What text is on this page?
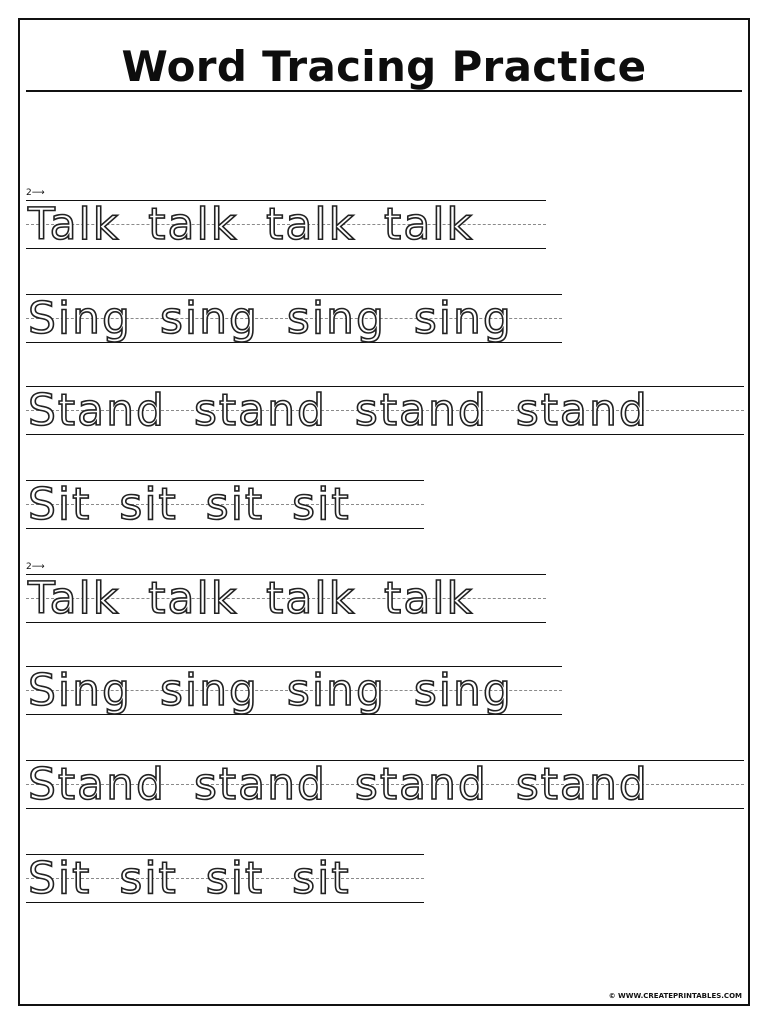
Word Tracing Practice
2⟶
Talk talk talk talk
Sing sing sing sing
Stand stand stand stand
Sit sit sit sit
2⟶
Talk talk talk talk
Sing sing sing sing
Stand stand stand stand
Sit sit sit sit
© WWW.CREATEPRINTABLES.COM
